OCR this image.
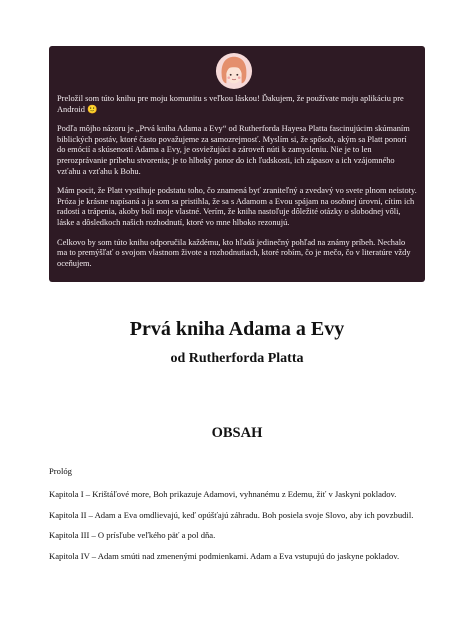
Preložil som túto knihu pre moju komunitu s veľkou láskou! Ďakujem, že používate moju aplikáciu pre Android 🙂

Podľa môjho názoru je „Prvá kniha Adama a Evy“ od Rutherforda Hayesa Platta fascinujúcim skúmaním biblických postáv, ktoré často považujeme za samozrejmosť. Myslím si, že spôsob, akým sa Platt ponorí do emócií a skúseností Adama a Evy, je osviežujúci a zároveň núti k zamysleniu. Nie je to len prerozprávanie príbehu stvorenia; je to hlboký ponor do ich ľudskosti, ich zápasov a ich vzájomného vzťahu a vzťahu k Bohu.

Mám pocit, že Platt vystihuje podstatu toho, čo znamená byť zraniteľný a zvedavý vo svete plnom neistoty. Próza je krásne napísaná a ja som sa pristihla, že sa s Adamom a Evou spájam na osobnej úrovni, cítim ich radosti a trápenia, akoby boli moje vlastné. Verím, že kniha nastoľuje dôležité otázky o slobodnej vôli, láske a dôsledkoch našich rozhodnutí, ktoré vo mne hlboko rezonujú.

Celkovo by som túto knihu odporučila každému, kto hľadá jedinečný pohľad na známy príbeh. Nechalo ma to premýšľať o svojom vlastnom živote a rozhodnutiach, ktoré robím, čo je mečo, čo v literatúre vždy oceňujem.

Prvá kniha Adama a Evy
od Rutherforda Platta
OBSAH

Prológ

Kapitola I – Krištáľové more, Boh prikazuje Adamovi, vyhnanému z Edemu, žiť v Jaskyni pokladov.

Kapitola II – Adam a Eva omdlievajú, keď opúšťajú záhradu. Boh posiela svoje Slovo, aby ich povzbudil.

Kapitola III – O prísľube veľkého päť a pol dňa.

Kapitola IV – Adam smúti nad zmenenými podmienkami. Adam a Eva vstupujú do jaskyne pokladov.
